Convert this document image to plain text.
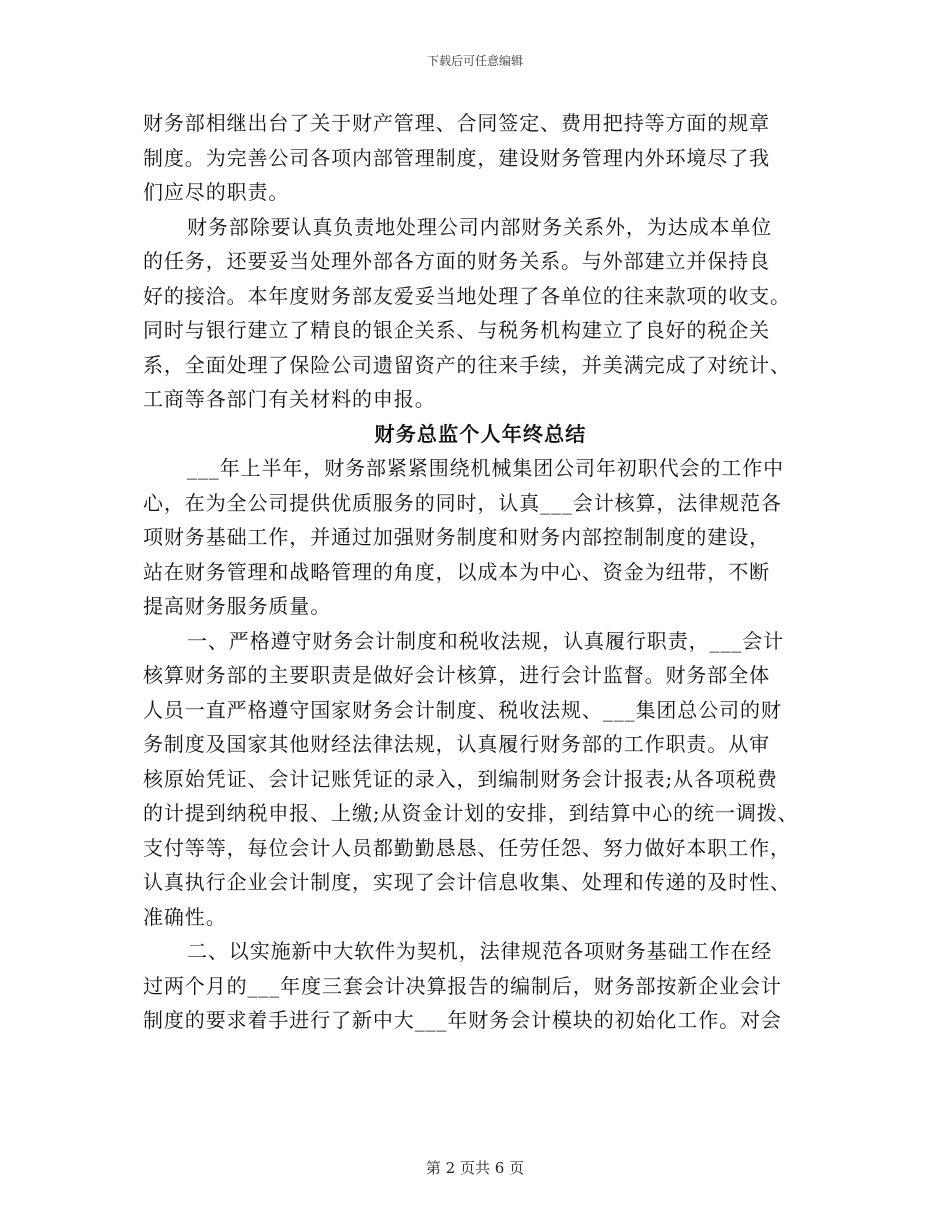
下载后可任意编辑
财务部相继出台了关于财产管理、合同签定、费用把持等方面的规章
制度。为完善公司各项内部管理制度，建设财务管理内外环境尽了我
们应尽的职责。
财务部除要认真负责地处理公司内部财务关系外，为达成本单位
的任务，还要妥当处理外部各方面的财务关系。与外部建立并保持良
好的接洽。本年度财务部友爱妥当地处理了各单位的往来款项的收支。
同时与银行建立了精良的银企关系、与税务机构建立了良好的税企关
系，全面处理了保险公司遗留资产的往来手续，并美满完成了对统计、
工商等各部门有关材料的申报。
财务总监个人年终总结
___年上半年，财务部紧紧围绕机械集团公司年初职代会的工作中
心，在为全公司提供优质服务的同时，认真___会计核算，法律规范各
项财务基础工作，并通过加强财务制度和财务内部控制制度的建设，
站在财务管理和战略管理的角度，以成本为中心、资金为纽带，不断
提高财务服务质量。
一、严格遵守财务会计制度和税收法规，认真履行职责，___会计
核算财务部的主要职责是做好会计核算，进行会计监督。财务部全体
人员一直严格遵守国家财务会计制度、税收法规、___集团总公司的财
务制度及国家其他财经法律法规，认真履行财务部的工作职责。从审
核原始凭证、会计记账凭证的录入，到编制财务会计报表;从各项税费
的计提到纳税申报、上缴;从资金计划的安排，到结算中心的统一调拨、
支付等等，每位会计人员都勤勤恳恳、任劳任怨、努力做好本职工作，
认真执行企业会计制度，实现了会计信息收集、处理和传递的及时性、
准确性。
二、以实施新中大软件为契机，法律规范各项财务基础工作在经
过两个月的___年度三套会计决算报告的编制后，财务部按新企业会计
制度的要求着手进行了新中大___年财务会计模块的初始化工作。对会
第 2 页共 6 页
